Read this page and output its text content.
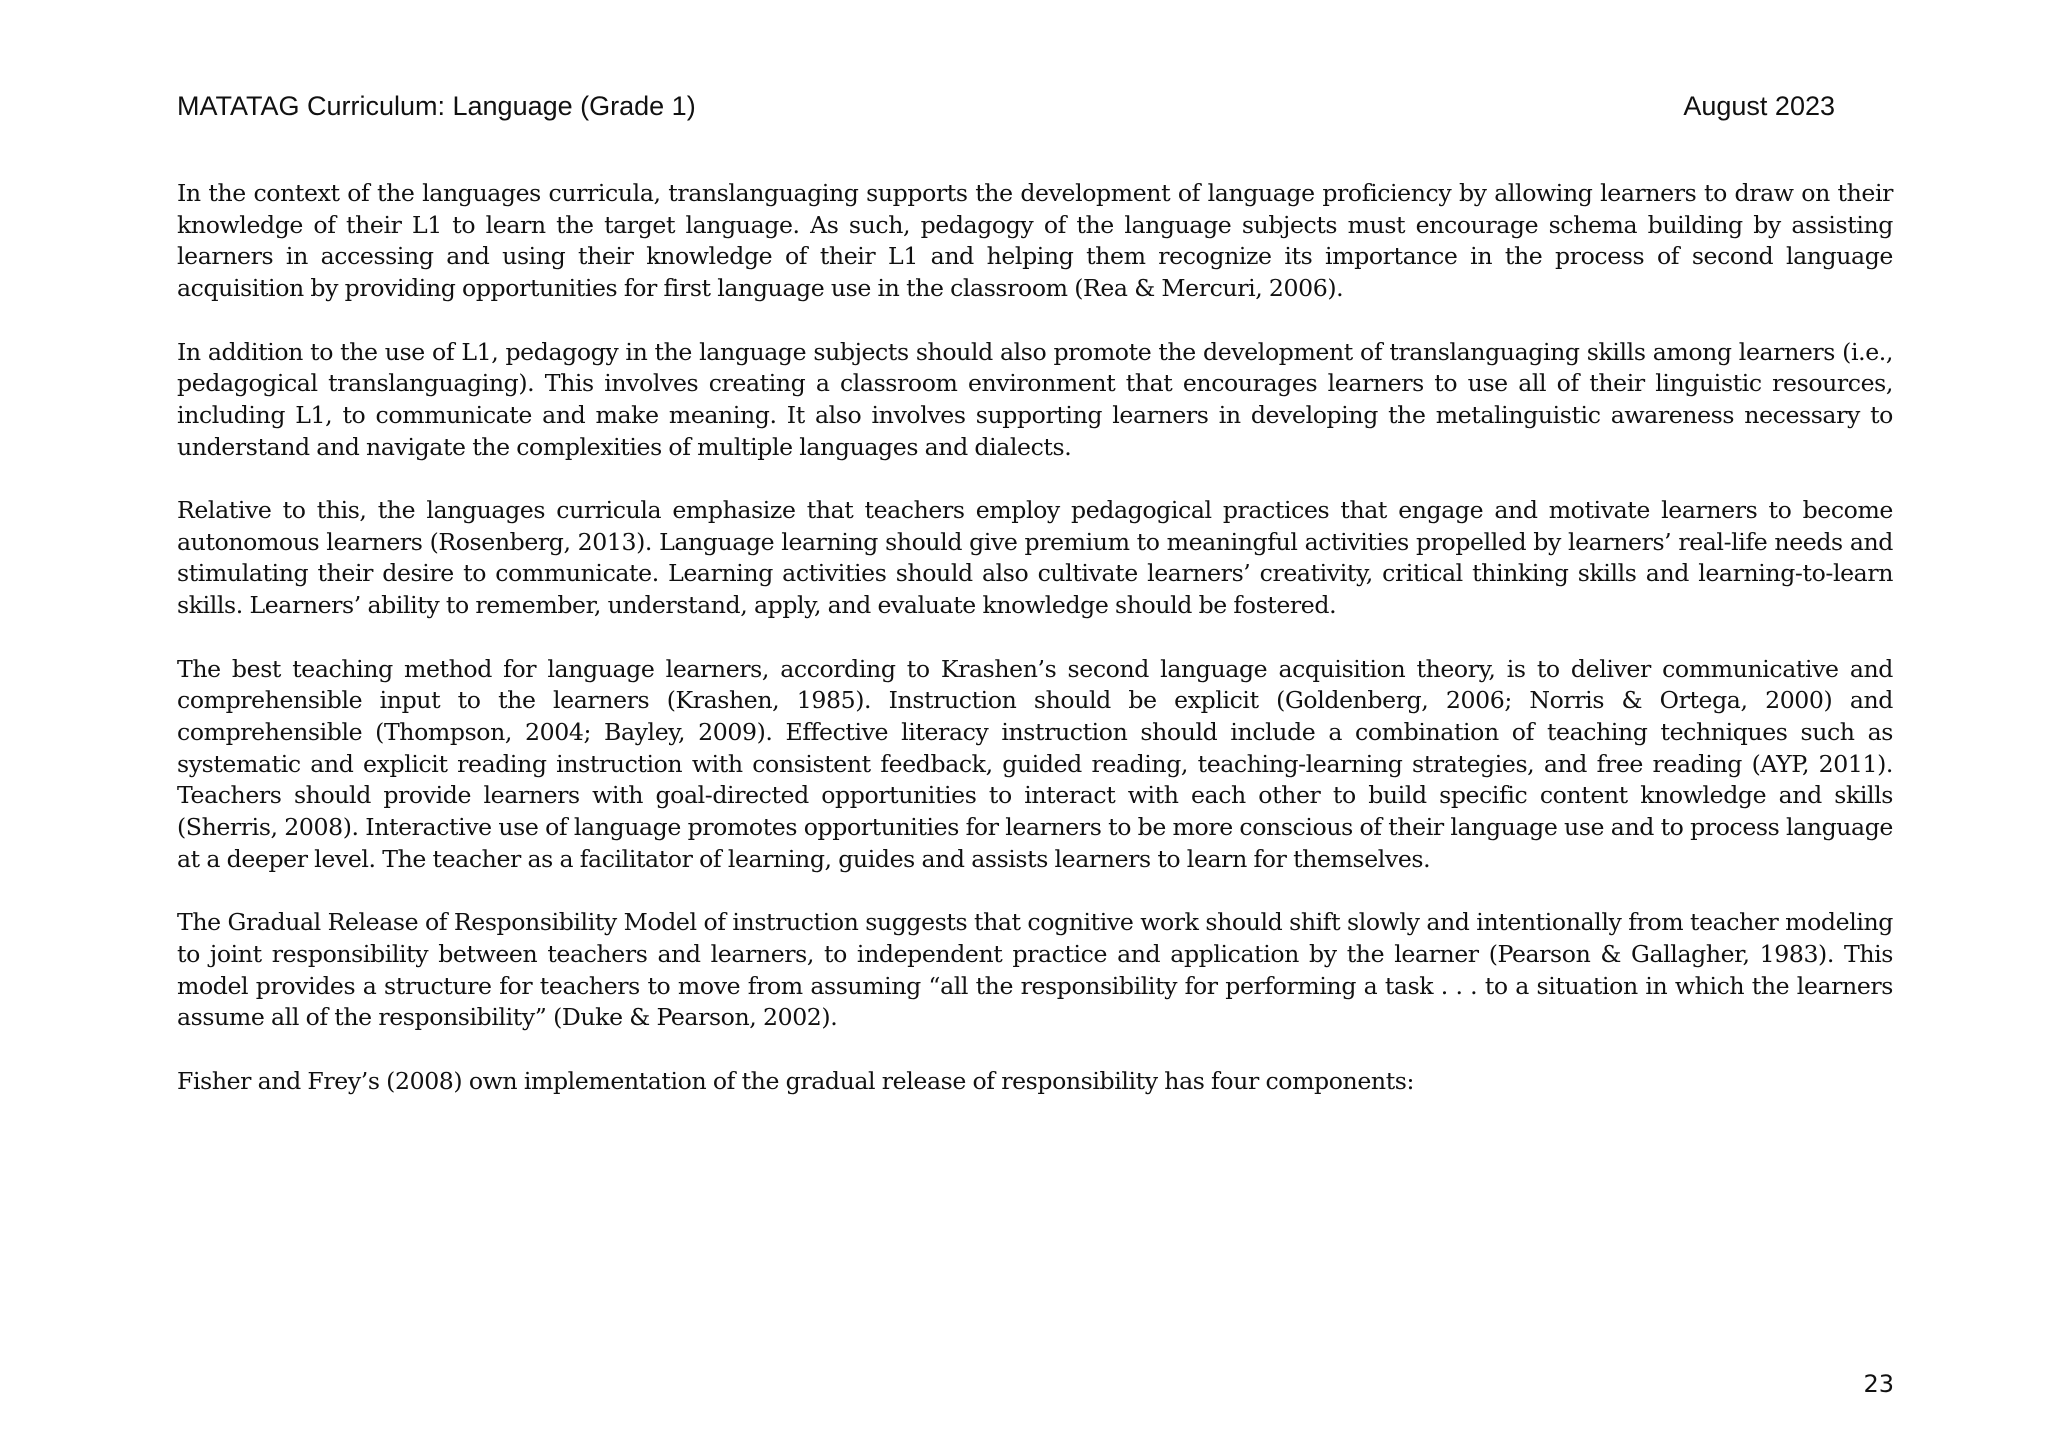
MATATAG Curriculum: Language (Grade 1)	August 2023

In the context of the languages curricula, translanguaging supports the development of language proficiency by allowing learners to draw on their knowledge of their L1 to learn the target language. As such, pedagogy of the language subjects must encourage schema building by assisting learners in accessing and using their knowledge of their L1 and helping them recognize its importance in the process of second language acquisition by providing opportunities for first language use in the classroom (Rea & Mercuri, 2006).

In addition to the use of L1, pedagogy in the language subjects should also promote the development of translanguaging skills among learners (i.e., pedagogical translanguaging). This involves creating a classroom environment that encourages learners to use all of their linguistic resources, including L1, to communicate and make meaning. It also involves supporting learners in developing the metalinguistic awareness necessary to understand and navigate the complexities of multiple languages and dialects.

Relative to this, the languages curricula emphasize that teachers employ pedagogical practices that engage and motivate learners to become autonomous learners (Rosenberg, 2013). Language learning should give premium to meaningful activities propelled by learners’ real-life needs and stimulating their desire to communicate. Learning activities should also cultivate learners’ creativity, critical thinking skills and learning-to-learn skills. Learners’ ability to remember, understand, apply, and evaluate knowledge should be fostered.

The best teaching method for language learners, according to Krashen’s second language acquisition theory, is to deliver communicative and comprehensible input to the learners (Krashen, 1985). Instruction should be explicit (Goldenberg, 2006; Norris & Ortega, 2000) and comprehensible (Thompson, 2004; Bayley, 2009). Effective literacy instruction should include a combination of teaching techniques such as systematic and explicit reading instruction with consistent feedback, guided reading, teaching-learning strategies, and free reading (AYP, 2011). Teachers should provide learners with goal-directed opportunities to interact with each other to build specific content knowledge and skills (Sherris, 2008). Interactive use of language promotes opportunities for learners to be more conscious of their language use and to process language at a deeper level. The teacher as a facilitator of learning, guides and assists learners to learn for themselves.

The Gradual Release of Responsibility Model of instruction suggests that cognitive work should shift slowly and intentionally from teacher modeling to joint responsibility between teachers and learners, to independent practice and application by the learner (Pearson & Gallagher, 1983). This model provides a structure for teachers to move from assuming “all the responsibility for performing a task . . . to a situation in which the learners assume all of the responsibility” (Duke & Pearson, 2002).

Fisher and Frey’s (2008) own implementation of the gradual release of responsibility has four components:

23
